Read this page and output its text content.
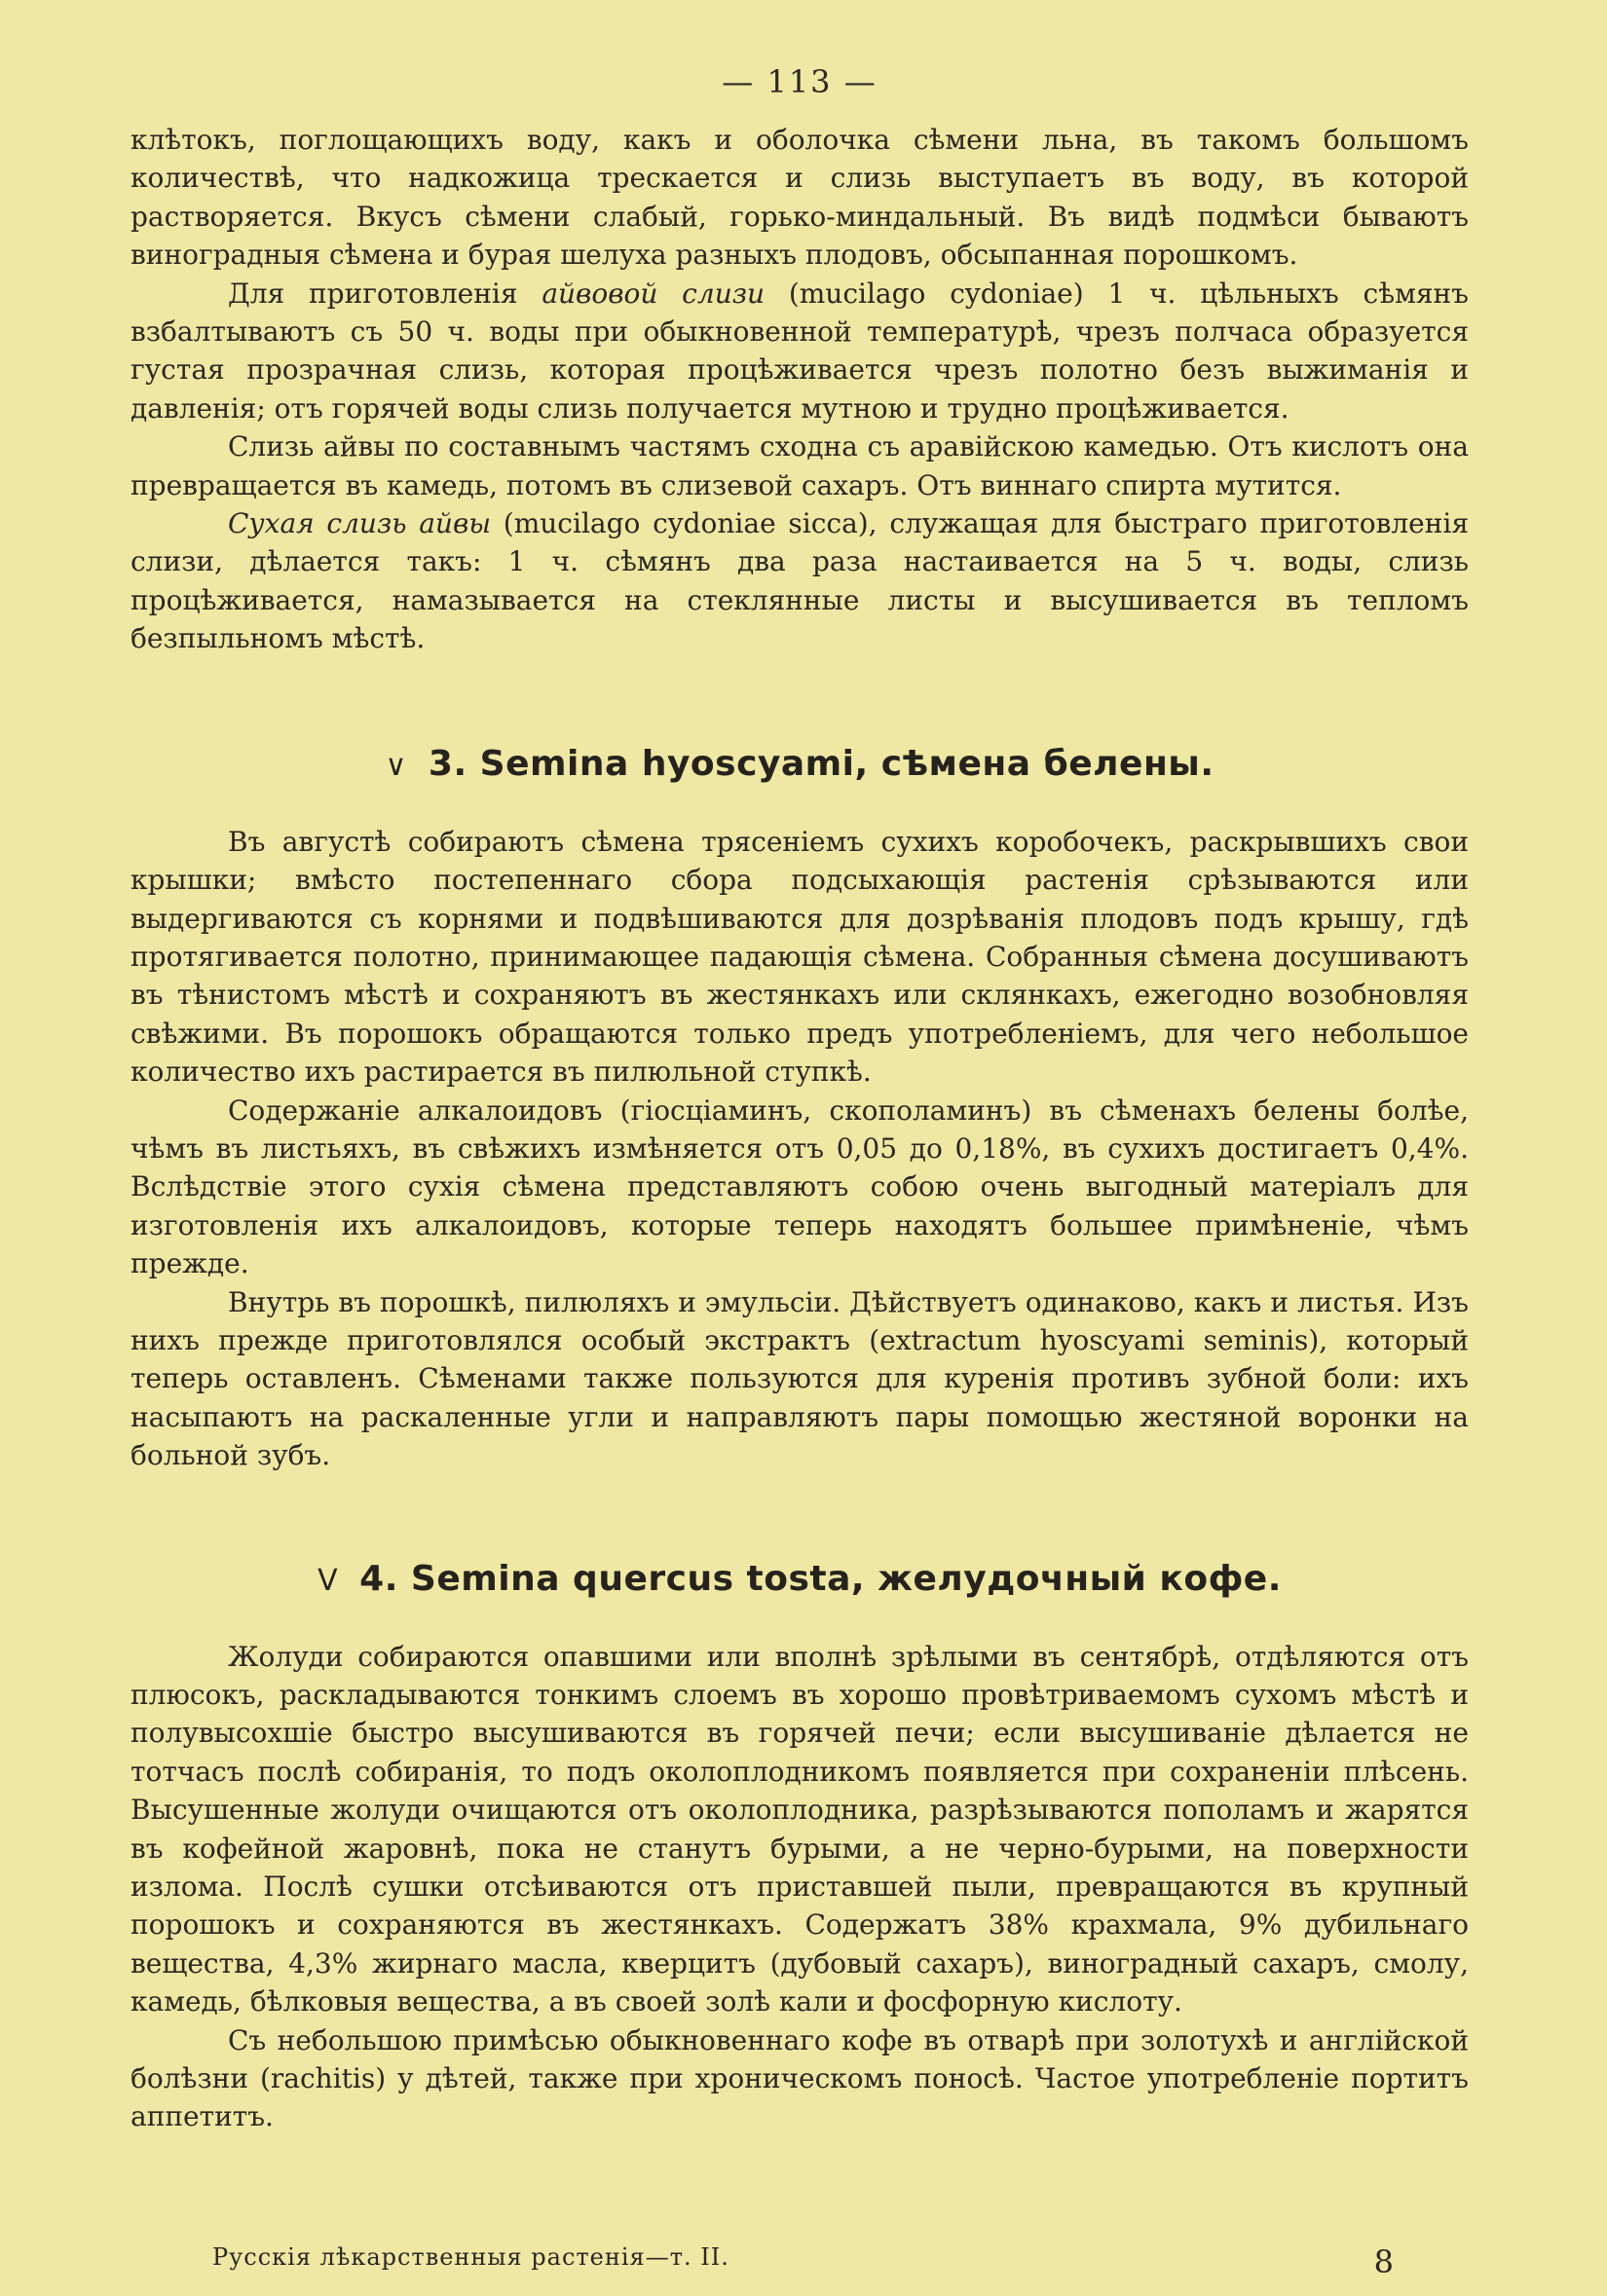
— 113 —

клѣтокъ, поглощающихъ воду, какъ и оболочка сѣмени льна, въ такомъ большомъ количествѣ, что надкожица трескается и слизь выступаетъ въ воду, въ которой растворяется. Вкусъ сѣмени слабый, горько-миндальный. Въ видѣ подмѣси бываютъ виноградныя сѣмена и бурая шелуха разныхъ плодовъ, обсыпанная порошкомъ.

Для приготовленія айвовой слизи (mucilago cydoniae) 1 ч. цѣльныхъ сѣмянъ взбалтываютъ съ 50 ч. воды при обыкновенной температурѣ, чрезъ полчаса образуется густая прозрачная слизь, которая процѣживается чрезъ полотно безъ выжиманія и давленія; отъ горячей воды слизь получается мутною и трудно процѣживается.

Слизь айвы по составнымъ частямъ сходна съ аравійскою камедью. Отъ кислотъ она превращается въ камедь, потомъ въ слизевой сахаръ. Отъ виннаго спирта мутится.

Сухая слизь айвы (mucilago cydoniae sicca), служащая для быстраго приготовленія слизи, дѣлается такъ: 1 ч. сѣмянъ два раза настаивается на 5 ч. воды, слизь процѣживается, намазывается на стеклянные листы и высушивается въ тепломъ безпыльномъ мѣстѣ.

∨ 3. Semina hyoscyami, сѣмена белены.

Въ августѣ собираютъ сѣмена трясеніемъ сухихъ коробочекъ, раскрывшихъ свои крышки; вмѣсто постепеннаго сбора подсыхающія растенія срѣзываются или выдергиваются съ корнями и подвѣшиваются для дозрѣванія плодовъ подъ крышу, гдѣ протягивается полотно, принимающее падающія сѣмена. Собранныя сѣмена досушиваютъ въ тѣнистомъ мѣстѣ и сохраняютъ въ жестянкахъ или склянкахъ, ежегодно возобновляя свѣжими. Въ порошокъ обращаются только предъ употребленіемъ, для чего небольшое количество ихъ растирается въ пилюльной ступкѣ.

Содержаніе алкалоидовъ (гіосціаминъ, скополаминъ) въ сѣменахъ белены болѣе, чѣмъ въ листьяхъ, въ свѣжихъ измѣняется отъ 0,05 до 0,18%, въ сухихъ достигаетъ 0,4%. Вслѣдствіе этого сухія сѣмена представляютъ собою очень выгодный матеріалъ для изготовленія ихъ алкалоидовъ, которые теперь находятъ большее примѣненіе, чѣмъ прежде.

Внутрь въ порошкѣ, пилюляхъ и эмульсіи. Дѣйствуетъ одинаково, какъ и листья. Изъ нихъ прежде приготовлялся особый экстрактъ (extractum hyoscyami seminis), который теперь оставленъ. Сѣменами также пользуются для куренія противъ зубной боли: ихъ насыпаютъ на раскаленные угли и направляютъ пары помощью жестяной воронки на больной зубъ.

V 4. Semina quercus tosta, желудочный кофе.

Жолуди собираются опавшими или вполнѣ зрѣлыми въ сентябрѣ, отдѣляются отъ плюсокъ, раскладываются тонкимъ слоемъ въ хорошо провѣтриваемомъ сухомъ мѣстѣ и полувысохшіе быстро высушиваются въ горячей печи; если высушиваніе дѣлается не тотчасъ послѣ собиранія, то подъ околоплодникомъ появляется при сохраненіи плѣсень. Высушенные жолуди очищаются отъ околоплодника, разрѣзываются пополамъ и жарятся въ кофейной жаровнѣ, пока не станутъ бурыми, а не черно-бурыми, на поверхности излома. Послѣ сушки отсѣиваются отъ приставшей пыли, превращаются въ крупный порошокъ и сохраняются въ жестянкахъ. Содержатъ 38% крахмала, 9% дубильнаго вещества, 4,3% жирнаго масла, кверцитъ (дубовый сахаръ), виноградный сахаръ, смолу, камедь, бѣлковыя вещества, а въ своей золѣ кали и фосфорную кислоту.

Съ небольшою примѣсью обыкновеннаго кофе въ отварѣ при золотухѣ и англійской болѣзни (rachitis) у дѣтей, также при хроническомъ поносѣ. Частое употребленіе портитъ аппетитъ.

Русскія лѣкарственныя растенія—т. II.	8
